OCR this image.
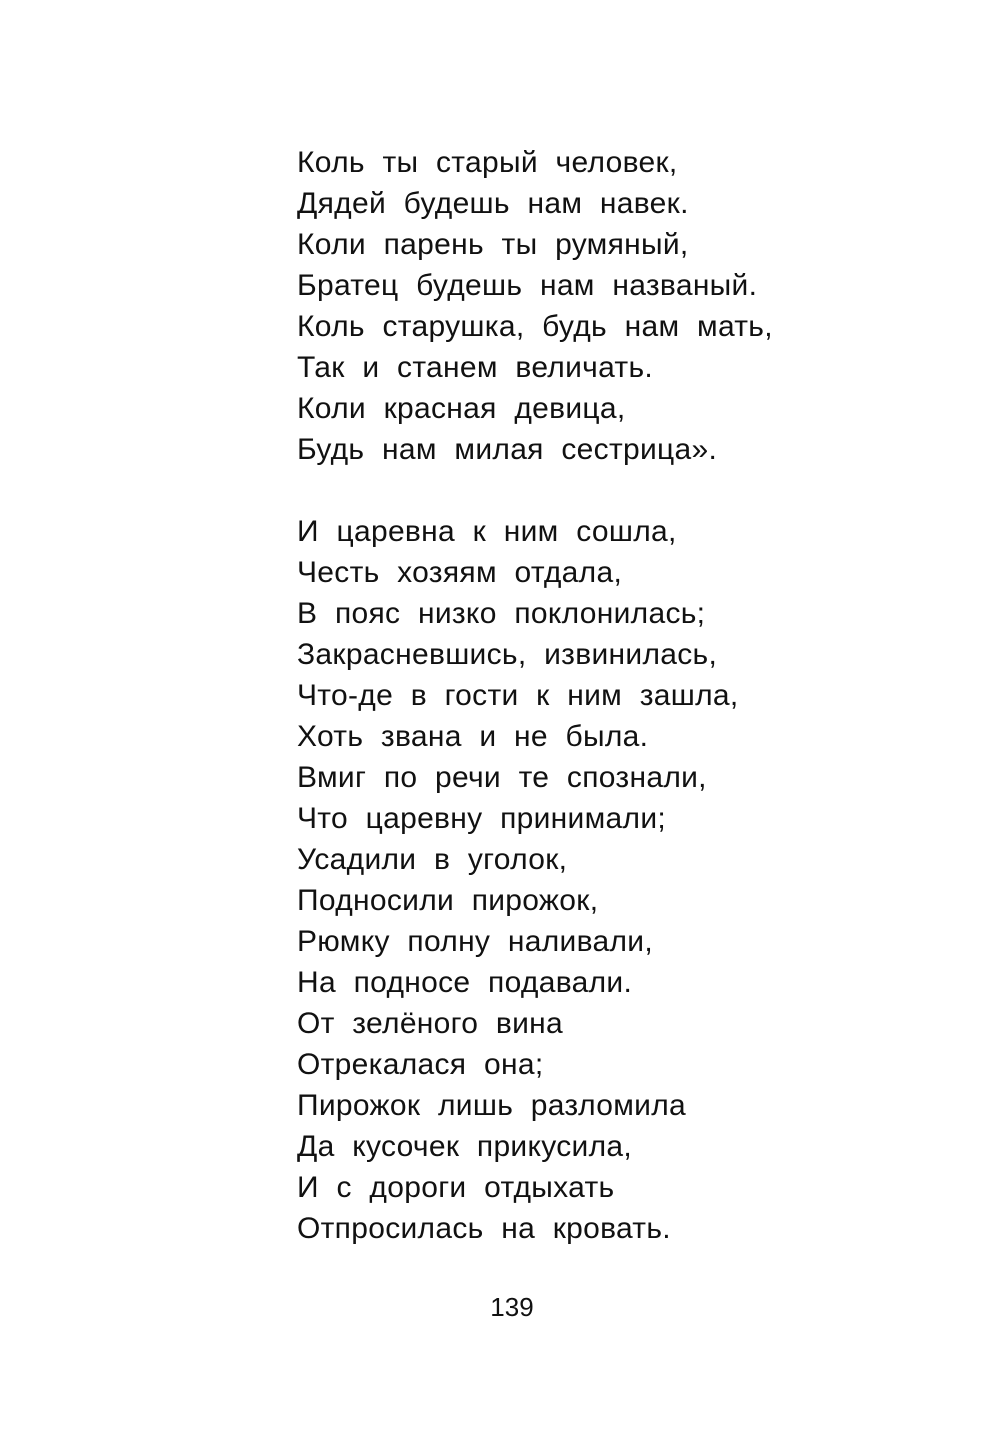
Коль ты старый человек,
Дядей будешь нам навек.
Коли парень ты румяный,
Братец будешь нам названый.
Коль старушка, будь нам мать,
Так и станем величать.
Коли красная девица,
Будь нам милая сестрица».
И царевна к ним сошла,
Честь хозяям отдала,
В пояс низко поклонилась;
Закрасневшись, извинилась,
Что-де в гости к ним зашла,
Хоть звана и не была.
Вмиг по речи те спознали,
Что царевну принимали;
Усадили в уголок,
Подносили пирожок,
Рюмку полну наливали,
На подносе подавали.
От зелёного вина
Отрекалася она;
Пирожок лишь разломила
Да кусочек прикусила,
И с дороги отдыхать
Отпросилась на кровать.
139
